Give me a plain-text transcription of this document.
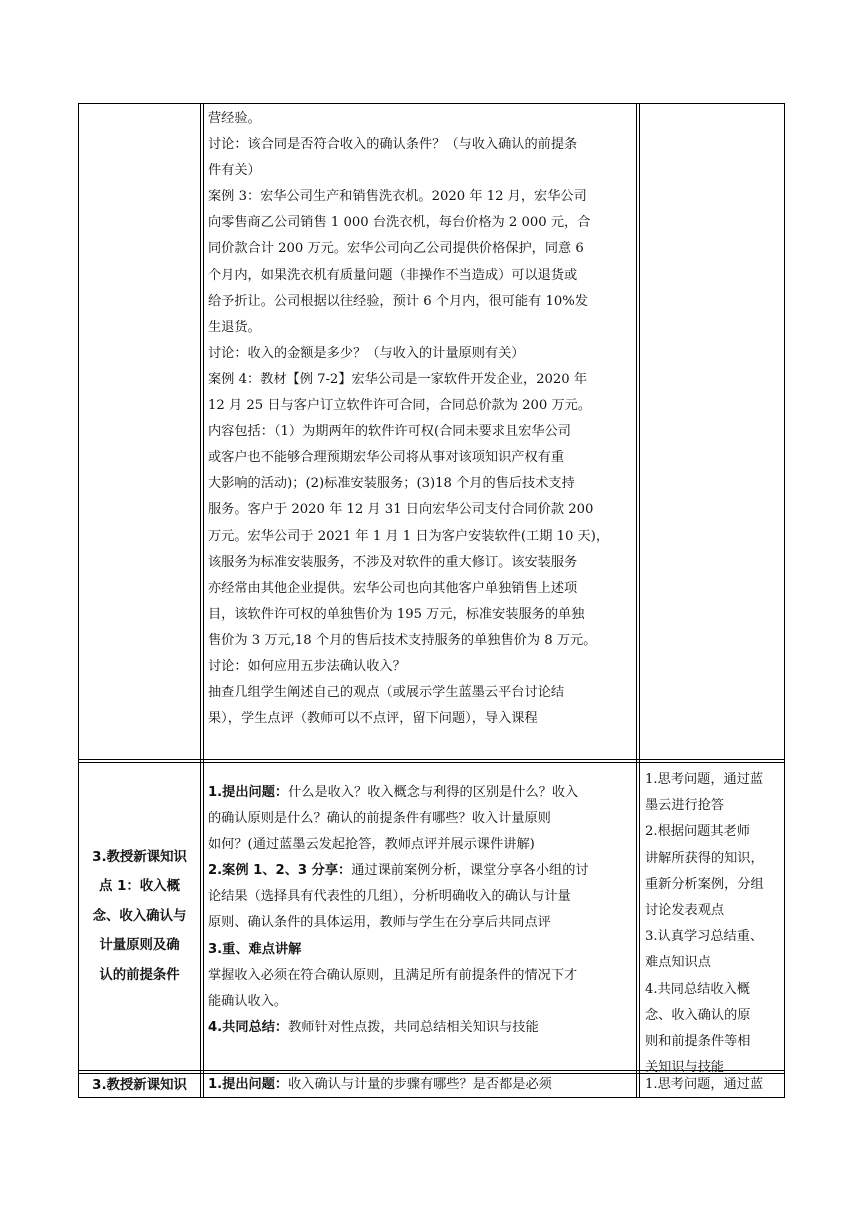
营经验。

讨论：该合同是否符合收入的确认条件？（与收入确认的前提条

件有关）

案例 3：宏华公司生产和销售洗衣机。2020 年 12 月，宏华公司

向零售商乙公司销售 1 000 台洗衣机，每台价格为 2 000 元，合

同价款合计 200 万元。宏华公司向乙公司提供价格保护，同意 6

个月内，如果洗衣机有质量问题（非操作不当造成）可以退货或

给予折让。公司根据以往经验，预计 6 个月内，很可能有 10%发

生退货。

讨论：收入的金额是多少？（与收入的计量原则有关）

案例 4：教材【例 7-2】宏华公司是一家软件开发企业，2020 年

12 月 25 日与客户订立软件许可合同，合同总价款为 200 万元。

内容包括：（1）为期两年的软件许可权(合同未要求且宏华公司

或客户也不能够合理预期宏华公司将从事对该项知识产权有重

大影响的活动)；(2)标准安装服务；(3)18 个月的售后技术支持

服务。客户于 2020 年 12 月 31 日向宏华公司支付合同价款 200

万元。宏华公司于 2021 年 1 月 1 日为客户安装软件(工期 10 天)，

该服务为标准安装服务，不涉及对软件的重大修订。该安装服务

亦经常由其他企业提供。宏华公司也向其他客户单独销售上述项

目，该软件许可权的单独售价为 195 万元，标准安装服务的单独

售价为 3 万元,18 个月的售后技术支持服务的单独售价为 8 万元。

讨论：如何应用五步法确认收入？

抽查几组学生阐述自己的观点（或展示学生蓝墨云平台讨论结

果），学生点评（教师可以不点评，留下问题），导入课程

3.教授新课知识

点 1：收入概

念、收入确认与

计量原则及确

认的前提条件

1.提出问题：什么是收入？收入概念与利得的区别是什么？收入

的确认原则是什么？确认的前提条件有哪些？收入计量原则

如何？(通过蓝墨云发起抢答，教师点评并展示课件讲解)

2.案例 1、2、3 分享：通过课前案例分析，课堂分享各小组的讨

论结果（选择具有代表性的几组），分析明确收入的确认与计量

原则、确认条件的具体运用，教师与学生在分享后共同点评

3.重、难点讲解

掌握收入必须在符合确认原则，且满足所有前提条件的情况下才

能确认收入。

4.共同总结：教师针对性点拨，共同总结相关知识与技能

1.思考问题，通过蓝

墨云进行抢答

2.根据问题其老师

讲解所获得的知识，

重新分析案例，分组

讨论发表观点

3.认真学习总结重、

难点知识点

4.共同总结收入概

念、收入确认的原

则和前提条件等相

关知识与技能

3.教授新课知识	1.提出问题：收入确认与计量的步骤有哪些？是否都是必须	1.思考问题，通过蓝
